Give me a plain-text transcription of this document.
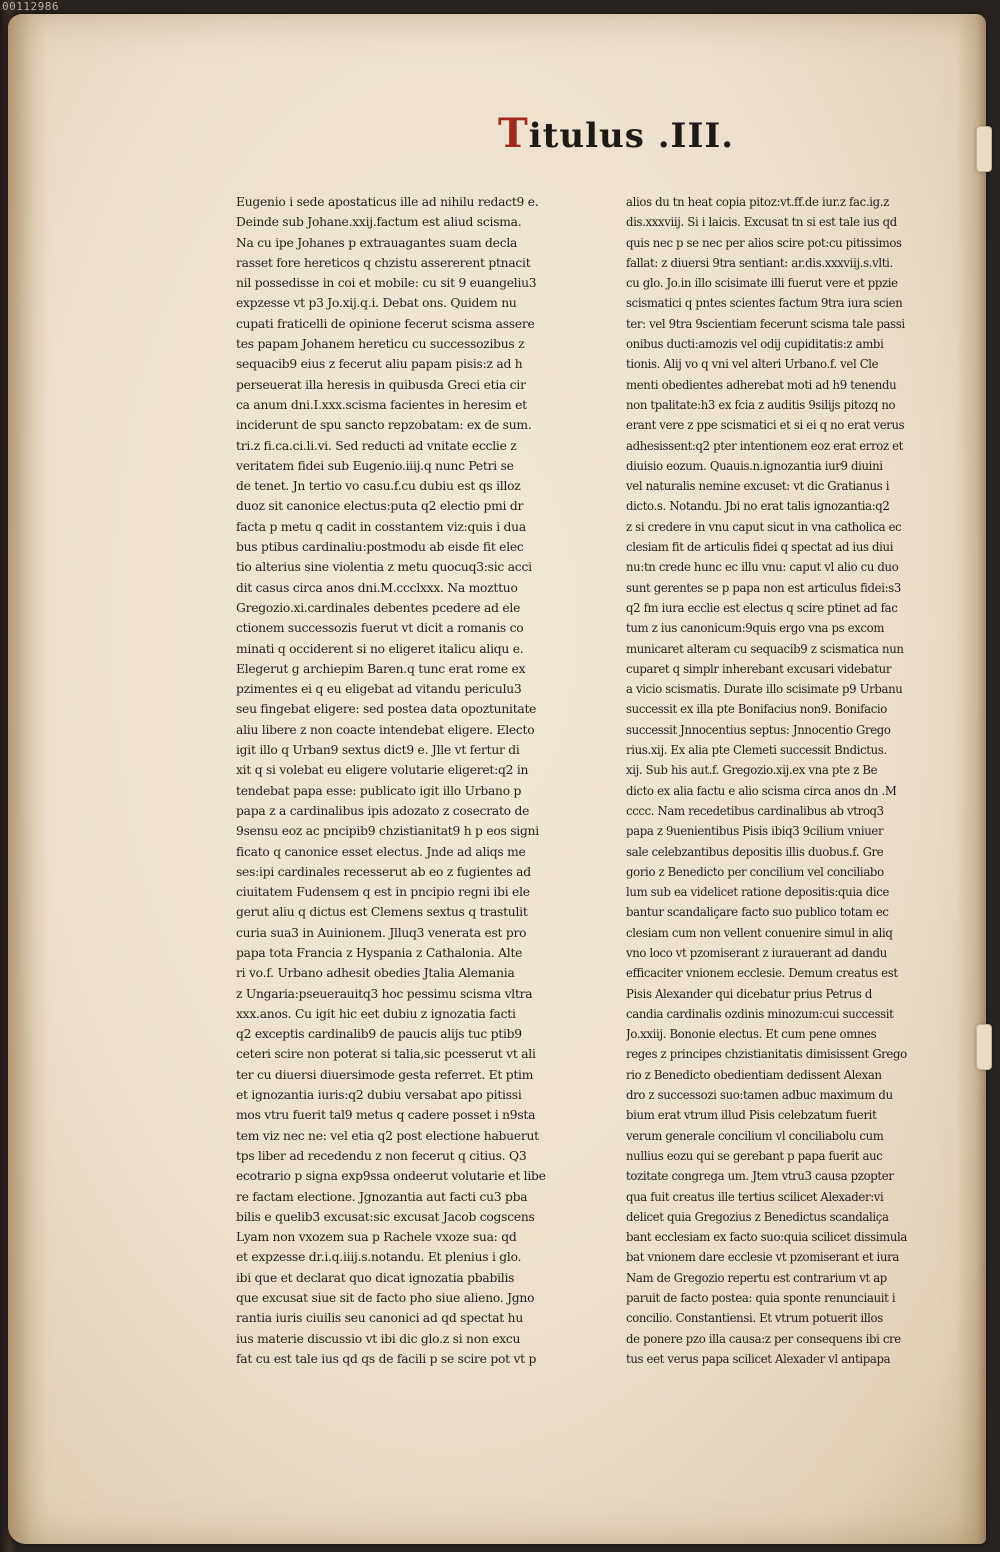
00112986
Titulus .III.
Eugenio i sede apostaticus ille ad nihilu redact9 e.
Deinde sub Johane.xxij.factum est aliud scisma.
Na cu ipe Johanes p extrauagantes suam decla
rasset fore hereticos q chzistu assererent ptnacit
nil possedisse in coi et mobile: cu sit 9 euangeliu3
expzesse vt p3 Jo.xij.q.i. Debat ons. Quidem nu
cupati fraticelli de opinione fecerut scisma assere
tes papam Johanem hereticu cu successozibus z
sequacib9 eius z fecerut aliu papam pisis:z ad h
perseuerat illa heresis in quibusda Greci etia cir
ca anum dni.I.xxx.scisma facientes in heresim et
inciderunt de spu sancto repzobatam: ex de sum.
tri.z fi.ca.ci.li.vi. Sed reducti ad vnitate ecclie z
veritatem fidei sub Eugenio.iiij.q nunc Petri se
de tenet. Jn tertio vo casu.f.cu dubiu est qs illoz
duoz sit canonice electus:puta q2 electio pmi dr
facta p metu q cadit in cosstantem viz:quis i dua
bus ptibus cardinaliu:postmodu ab eisde fit elec
tio alterius sine violentia z metu quocuq3:sic acci
dit casus circa anos dni.M.ccclxxx. Na mozttuo
Gregozio.xi.cardinales debentes pcedere ad ele
ctionem successozis fuerut vt dicit a romanis co
minati q occiderent si no eligeret italicu aliqu e.
Elegerut g archiepim Baren.q tunc erat rome ex
pzimentes ei q eu eligebat ad vitandu periculu3
seu fingebat eligere: sed postea data opoztunitate
aliu libere z non coacte intendebat eligere. Electo
igit illo q Urban9 sextus dict9 e. Jlle vt fertur di
xit q si volebat eu eligere volutarie eligeret:q2 in
tendebat papa esse: publicato igit illo Urbano p
papa z a cardinalibus ipis adozato z cosecrato de
9sensu eoz ac pncipib9 chzistianitat9 h p eos signi
ficato q canonice esset electus. Jnde ad aliqs me
ses:ipi cardinales recesserut ab eo z fugientes ad
ciuitatem Fudensem q est in pncipio regni ibi ele
gerut aliu q dictus est Clemens sextus q trastulit
curia sua3 in Auinionem. Jlluq3 venerata est pro
papa tota Francia z Hyspania z Cathalonia. Alte
ri vo.f. Urbano adhesit obedies Jtalia Alemania
z Ungaria:pseuerauitq3 hoc pessimu scisma vltra
xxx.anos. Cu igit hic eet dubiu z ignozatia facti
q2 exceptis cardinalib9 de paucis alijs tuc ptib9
ceteri scire non poterat si talia,sic pcesserut vt ali
ter cu diuersi diuersimode gesta referret. Et ptim
et ignozantia iuris:q2 dubiu versabat apo pitissi
mos vtru fuerit tal9 metus q cadere posset i n9sta
tem viz nec ne: vel etia q2 post electione habuerut
tps liber ad recedendu z non fecerut q citius. Q3
ecotrario p signa exp9ssa ondeerut volutarie et libe
re factam electione. Jgnozantia aut facti cu3 pba
bilis e quelib3 excusat:sic excusat Jacob cogscens
Lyam non vxozem sua p Rachele vxoze sua: qd
et expzesse dr.i.q.iiij.s.notandu. Et plenius i glo.
ibi que et declarat quo dicat ignozatia pbabilis
que excusat siue sit de facto pho siue alieno. Jgno
rantia iuris ciuilis seu canonici ad qd spectat hu
ius materie discussio vt ibi dic glo.z si non excu
fat cu est tale ius qd qs de facili p se scire pot vt p
alios du tn heat copia pitoz:vt.ff.de iur.z fac.ig.z
dis.xxxviij. Si i laicis. Excusat tn si est tale ius qd
quis nec p se nec per alios scire pot:cu pitissimos
fallat: z diuersi 9tra sentiant: ar.dis.xxxviij.s.vlti.
cu glo. Jo.in illo scisimate illi fuerut vere et ppzie
scismatici q pntes scientes factum 9tra iura scien
ter: vel 9tra 9scientiam fecerunt scisma tale passi
onibus ducti:amozis vel odij cupiditatis:z ambi
tionis. Alij vo q vni vel alteri Urbano.f. vel Cle
menti obedientes adherebat moti ad h9 tenendu
non tpalitate:h3 ex fcia z auditis 9silijs pitozq no
erant vere z ppe scismatici et si ei q no erat verus
adhesissent:q2 pter intentionem eoz erat erroz et
diuisio eozum. Quauis.n.ignozantia iur9 diuini
vel naturalis nemine excuset: vt dic Gratianus i
dicto.s. Notandu. Jbi no erat talis ignozantia:q2
z si credere in vnu caput sicut in vna catholica ec
clesiam fit de articulis fidei q spectat ad ius diui
nu:tn crede hunc ec illu vnu: caput vl alio cu duo
sunt gerentes se p papa non est articulus fidei:s3
q2 fm iura ecclie est electus q scire ptinet ad fac
tum z ius canonicum:9quis ergo vna ps excom
municaret alteram cu sequacib9 z scismatica nun
cuparet q simplr inherebant excusari videbatur
a vicio scismatis. Durate illo scisimate p9 Urbanu
successit ex illa pte Bonifacius non9. Bonifacio
successit Jnnocentius septus: Jnnocentio Grego
rius.xij. Ex alia pte Clemeti successit Bndictus.
xij. Sub his aut.f. Gregozio.xij.ex vna pte z Be
dicto ex alia factu e alio scisma circa anos dn .M
cccc. Nam recedetibus cardinalibus ab vtroq3
papa z 9uenientibus Pisis ibiq3 9cilium vniuer
sale celebzantibus depositis illis duobus.f. Gre
gorio z Benedicto per concilium vel conciliabo
lum sub ea videlicet ratione depositis:quia dice
bantur scandaliçare facto suo publico totam ec
clesiam cum non vellent conuenire simul in aliq
vno loco vt pzomiserant z iurauerant ad dandu
efficaciter vnionem ecclesie. Demum creatus est
Pisis Alexander qui dicebatur prius Petrus d
candia cardinalis ozdinis minozum:cui successit
Jo.xxiij. Bononie electus. Et cum pene omnes
reges z principes chzistianitatis dimisissent Grego
rio z Benedicto obedientiam dedissent Alexan
dro z successozi suo:tamen adbuc maximum du
bium erat vtrum illud Pisis celebzatum fuerit
verum generale concilium vl conciliabolu cum
nullius eozu qui se gerebant p papa fuerit auc
tozitate congrega um. Jtem vtru3 causa pzopter
qua fuit creatus ille tertius scilicet Alexader:vi
delicet quia Gregozius z Benedictus scandaliça
bant ecclesiam ex facto suo:quia scilicet dissimula
bat vnionem dare ecclesie vt pzomiserant et iura
Nam de Gregozio repertu est contrarium vt ap
paruit de facto postea: quia sponte renunciauit i
concilio. Constantiensi. Et vtrum potuerit illos
de ponere pzo illa causa:z per consequens ibi cre
tus eet verus papa scilicet Alexader vl antipapa
